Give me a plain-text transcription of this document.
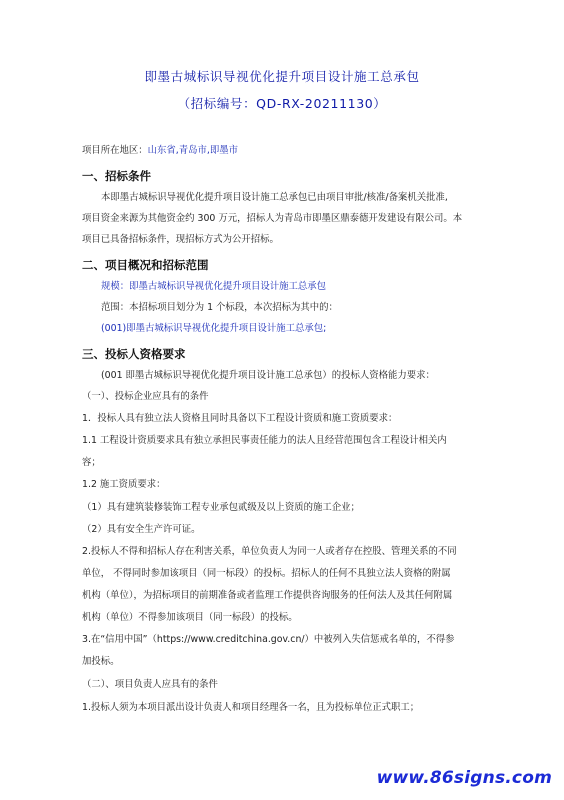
即墨古城标识导视优化提升项目设计施工总承包
（招标编号：QD-RX-20211130）
项目所在地区：山东省,青岛市,即墨市
一、招标条件
本即墨古城标识导视优化提升项目设计施工总承包已由项目审批/核准/备案机关批准,
项目资金来源为其他资金约 300 万元，招标人为青岛市即墨区鼎泰德开发建设有限公司。本
项目已具备招标条件，现招标方式为公开招标。
二、项目概况和招标范围
规模：即墨古城标识导视优化提升项目设计施工总承包
范围：本招标项目划分为 1 个标段，本次招标为其中的：
(001)即墨古城标识导视优化提升项目设计施工总承包;
三、投标人资格要求
(001 即墨古城标识导视优化提升项目设计施工总承包）的投标人资格能力要求：
（一）、投标企业应具有的条件
1．投标人具有独立法人资格且同时具备以下工程设计资质和施工资质要求：
1.1 工程设计资质要求具有独立承担民事责任能力的法人且经营范围包含工程设计相关内
容；
1.2 施工资质要求：
（1）具有建筑装修装饰工程专业承包贰级及以上资质的施工企业；
（2）具有安全生产许可证。
2.投标人不得和招标人存在利害关系，单位负责人为同一人或者存在控股、管理关系的不同
单位， 不得同时参加该项目（同一标段）的投标。招标人的任何不具独立法人资格的附属
机构（单位），为招标项目的前期准备或者监理工作提供咨询服务的任何法人及其任何附属
机构（单位）不得参加该项目（同一标段）的投标。
3.在“信用中国”（https://www.creditchina.gov.cn/）中被列入失信惩戒名单的，不得参
加投标。
（二）、项目负责人应具有的条件
1.投标人须为本项目派出设计负责人和项目经理各一名，且为投标单位正式职工；
www.86signs.com
